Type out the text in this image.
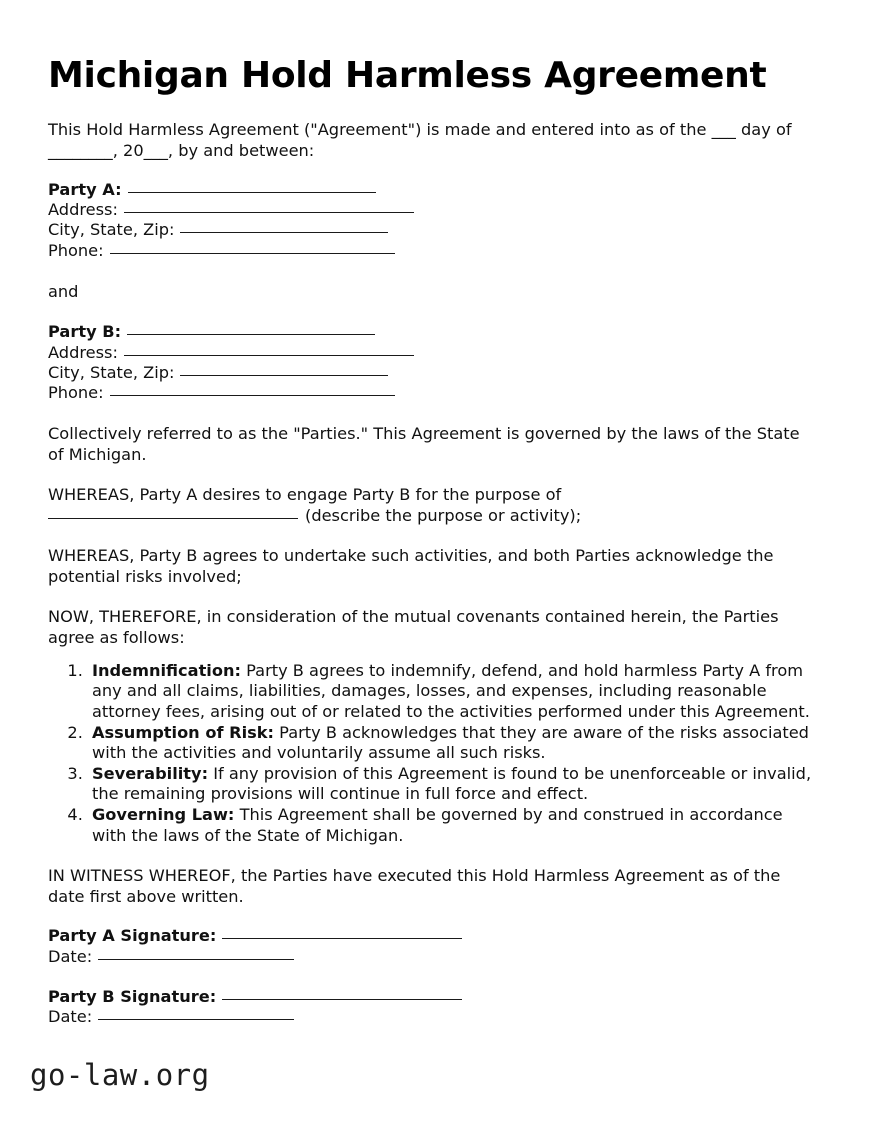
Michigan Hold Harmless Agreement

This Hold Harmless Agreement ("Agreement") is made and entered into as of the ___ day of ________, 20___, by and between:

Party A:
Address:
City, State, Zip:
Phone:

and

Party B:
Address:
City, State, Zip:
Phone:

Collectively referred to as the "Parties." This Agreement is governed by the laws of the State of Michigan.

WHEREAS, Party A desires to engage Party B for the purpose of

(describe the purpose or activity);

WHEREAS, Party B agrees to undertake such activities, and both Parties acknowledge the potential risks involved;

NOW, THEREFORE, in consideration of the mutual covenants contained herein, the Parties agree as follows:

1. Indemnification: Party B agrees to indemnify, defend, and hold harmless Party A from any and all claims, liabilities, damages, losses, and expenses, including reasonable attorney fees, arising out of or related to the activities performed under this Agreement.
2. Assumption of Risk: Party B acknowledges that they are aware of the risks associated with the activities and voluntarily assume all such risks.
3. Severability: If any provision of this Agreement is found to be unenforceable or invalid, the remaining provisions will continue in full force and effect.
4. Governing Law: This Agreement shall be governed by and construed in accordance with the laws of the State of Michigan.

IN WITNESS WHEREOF, the Parties have executed this Hold Harmless Agreement as of the date first above written.

Party A Signature:
Date:
Party B Signature:
Date:
go-law.org
